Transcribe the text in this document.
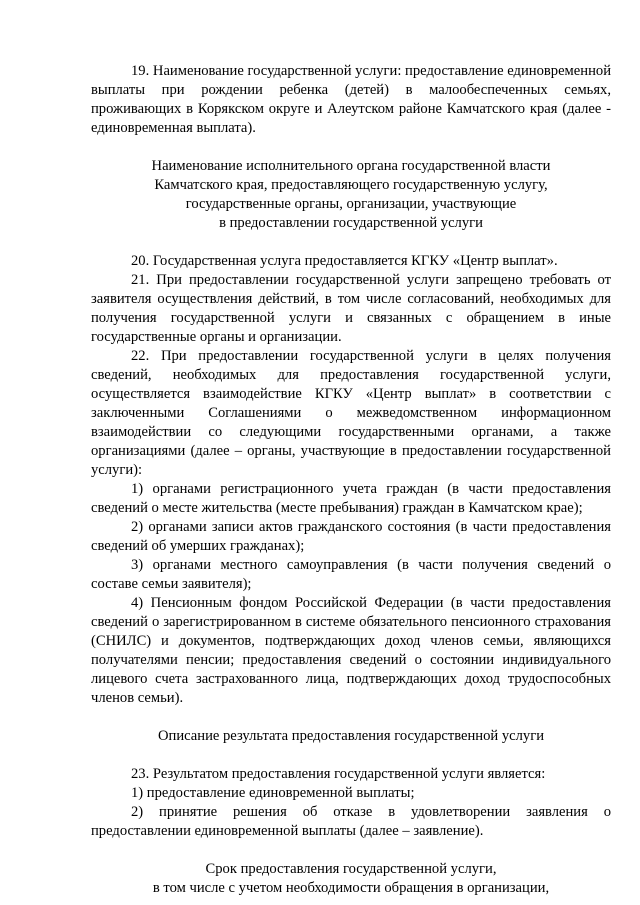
19. Наименование государственной услуги: предоставление единовременной выплаты при рождении ребенка (детей) в малообеспеченных семьях, проживающих в Корякском округе и Алеутском районе Камчатского края (далее - единовременная выплата).

Наименование исполнительного органа государственной власти
Камчатского края, предоставляющего государственную услугу,
государственные органы, организации, участвующие
в предоставлении государственной услуги

20. Государственная услуга предоставляется КГКУ «Центр выплат».

21. При предоставлении государственной услуги запрещено требовать от заявителя осуществления действий, в том числе согласований, необходимых для получения государственной услуги и связанных с обращением в иные государственные органы и организации.

22. При предоставлении государственной услуги в целях получения сведений, необходимых для предоставления государственной услуги, осуществляется взаимодействие КГКУ «Центр выплат» в соответствии с заключенными Соглашениями о межведомственном информационном взаимодействии со следующими государственными органами, а также организациями (далее – органы, участвующие в предоставлении государственной услуги):

1) органами регистрационного учета граждан (в части предоставления сведений о месте жительства (месте пребывания) граждан в Камчатском крае);

2) органами записи актов гражданского состояния (в части предоставления сведений об умерших гражданах);

3) органами местного самоуправления (в части получения сведений о составе семьи заявителя);

4) Пенсионным фондом Российской Федерации (в части предоставления сведений о зарегистрированном в системе обязательного пенсионного страхования (СНИЛС) и документов, подтверждающих доход членов семьи, являющихся получателями пенсии; предоставления сведений о состоянии индивидуального лицевого счета застрахованного лица, подтверждающих доход трудоспособных членов семьи).

Описание результата предоставления государственной услуги

23. Результатом предоставления государственной услуги является:

1) предоставление единовременной выплаты;

2) принятие решения об отказе в удовлетворении заявления о предоставлении единовременной выплаты (далее – заявление).

Срок предоставления государственной услуги,
в том числе с учетом необходимости обращения в организации,
